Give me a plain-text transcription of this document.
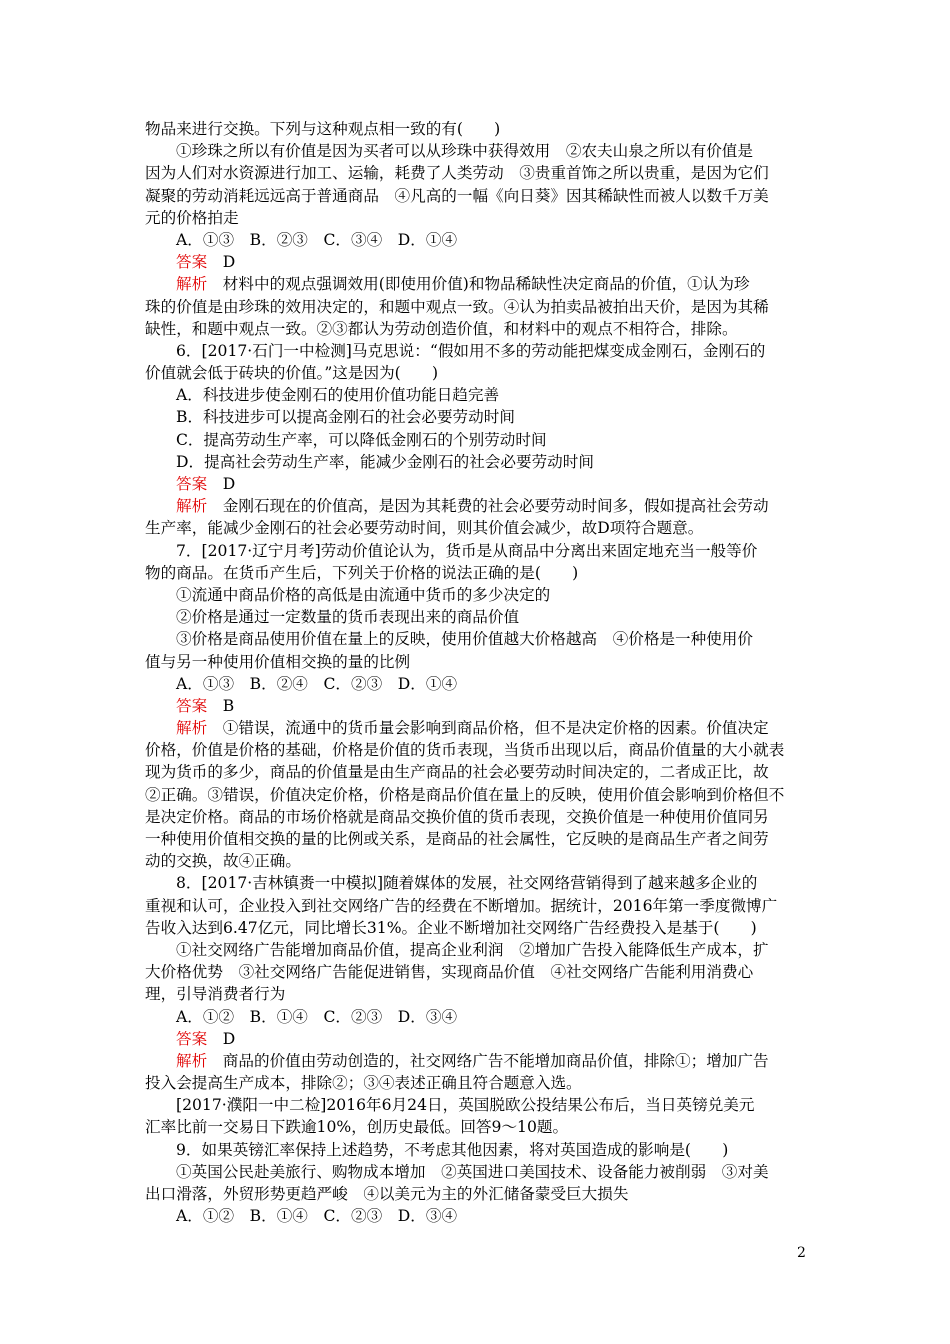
物品来进行交换。下列与这种观点相一致的有(　　)
①珍珠之所以有价值是因为买者可以从珍珠中获得效用　②农夫山泉之所以有价值是
因为人们对水资源进行加工、运输，耗费了人类劳动　③贵重首饰之所以贵重，是因为它们
凝聚的劳动消耗远远高于普通商品　④凡高的一幅《向日葵》因其稀缺性而被人以数千万美
元的价格拍走
A．①③　B．②③　C．③④　D．①④
答案　D
解析　材料中的观点强调效用(即使用价值)和物品稀缺性决定商品的价值，①认为珍
珠的价值是由珍珠的效用决定的，和题中观点一致。④认为拍卖品被拍出天价，是因为其稀
缺性，和题中观点一致。②③都认为劳动创造价值，和材料中的观点不相符合，排除。
6．[2017·石门一中检测]马克思说：“假如用不多的劳动能把煤变成金刚石，金刚石的
价值就会低于砖块的价值。”这是因为(　　)
A．科技进步使金刚石的使用价值功能日趋完善
B．科技进步可以提高金刚石的社会必要劳动时间
C．提高劳动生产率，可以降低金刚石的个别劳动时间
D．提高社会劳动生产率，能减少金刚石的社会必要劳动时间
答案　D
解析　金刚石现在的价值高，是因为其耗费的社会必要劳动时间多，假如提高社会劳动
生产率，能减少金刚石的社会必要劳动时间，则其价值会减少，故D项符合题意。
7．[2017·辽宁月考]劳动价值论认为，货币是从商品中分离出来固定地充当一般等价
物的商品。在货币产生后，下列关于价格的说法正确的是(　　)
①流通中商品价格的高低是由流通中货币的多少决定的
②价格是通过一定数量的货币表现出来的商品价值
③价格是商品使用价值在量上的反映，使用价值越大价格越高　④价格是一种使用价
值与另一种使用价值相交换的量的比例
A．①③　B．②④　C．②③　D．①④
答案　B
解析　①错误，流通中的货币量会影响到商品价格，但不是决定价格的因素。价值决定
价格，价值是价格的基础，价格是价值的货币表现，当货币出现以后，商品价值量的大小就表
现为货币的多少，商品的价值量是由生产商品的社会必要劳动时间决定的，二者成正比，故
②正确。③错误，价值决定价格，价格是商品价值在量上的反映，使用价值会影响到价格但不
是决定价格。商品的市场价格就是商品交换价值的货币表现，交换价值是一种使用价值同另
一种使用价值相交换的量的比例或关系，是商品的社会属性，它反映的是商品生产者之间劳
动的交换，故④正确。
8．[2017·吉林镇赉一中模拟]随着媒体的发展，社交网络营销得到了越来越多企业的
重视和认可，企业投入到社交网络广告的经费在不断增加。据统计，2016年第一季度微博广
告收入达到6.47亿元，同比增长31%。企业不断增加社交网络广告经费投入是基于(　　)
①社交网络广告能增加商品价值，提高企业利润　②增加广告投入能降低生产成本，扩
大价格优势　③社交网络广告能促进销售，实现商品价值　④社交网络广告能利用消费心
理，引导消费者行为
A．①②　B．①④　C．②③　D．③④
答案　D
解析　商品的价值由劳动创造的，社交网络广告不能增加商品价值，排除①；增加广告
投入会提高生产成本，排除②；③④表述正确且符合题意入选。
[2017·濮阳一中二检]2016年6月24日，英国脱欧公投结果公布后，当日英镑兑美元
汇率比前一交易日下跌逾10%，创历史最低。回答9～10题。
9．如果英镑汇率保持上述趋势，不考虑其他因素，将对英国造成的影响是(　　)
①英国公民赴美旅行、购物成本增加　②英国进口美国技术、设备能力被削弱　③对美
出口滑落，外贸形势更趋严峻　④以美元为主的外汇储备蒙受巨大损失
A．①②　B．①④　C．②③　D．③④
2
